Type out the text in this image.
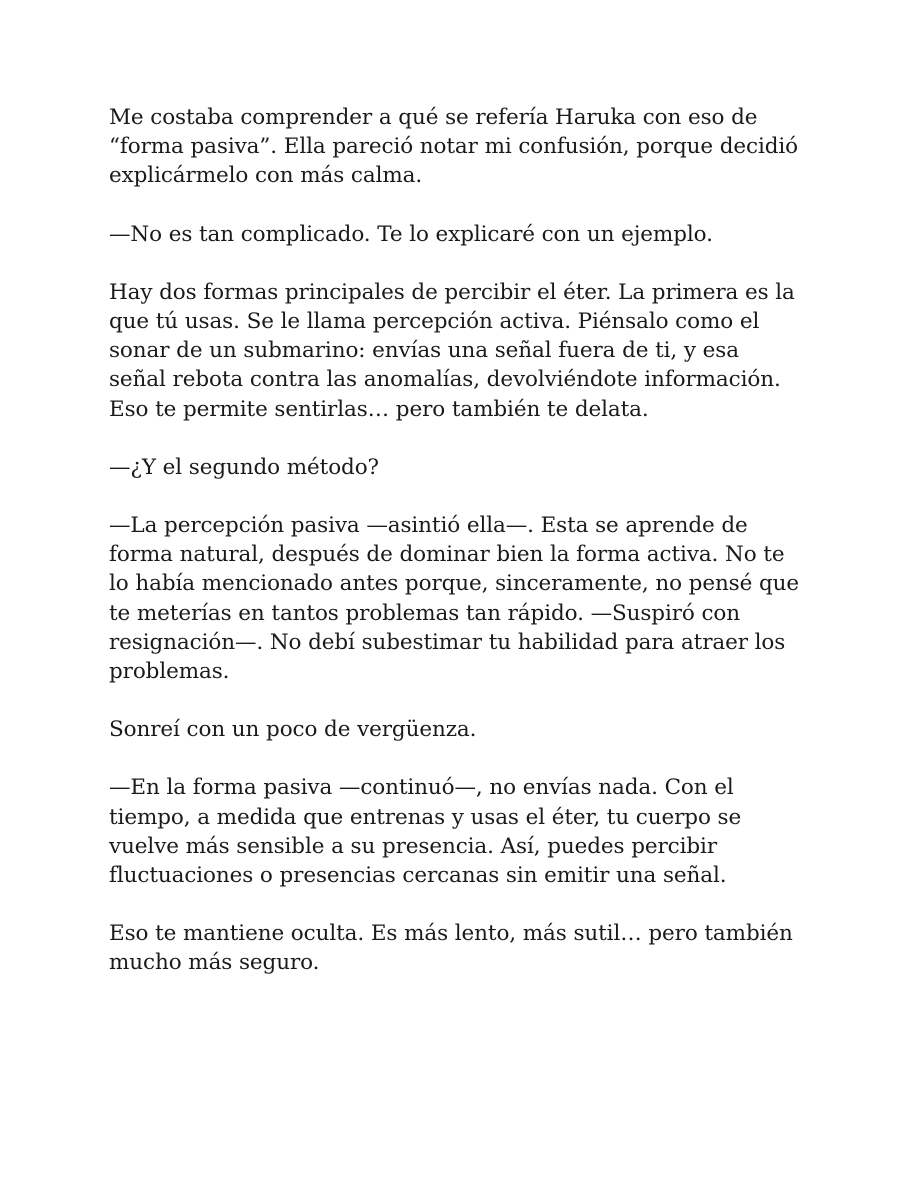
Me costaba comprender a qué se refería Haruka con eso de “forma pasiva”. Ella pareció notar mi confusión, porque decidió explicármelo con más calma.

—No es tan complicado. Te lo explicaré con un ejemplo.

Hay dos formas principales de percibir el éter. La primera es la que tú usas. Se le llama percepción activa. Piénsalo como el sonar de un submarino: envías una señal fuera de ti, y esa señal rebota contra las anomalías, devolviéndote información.

Eso te permite sentirlas… pero también te delata.

—¿Y el segundo método?

—La percepción pasiva —asintió ella—. Esta se aprende de forma natural, después de dominar bien la forma activa. No te lo había mencionado antes porque, sinceramente, no pensé que te meterías en tantos problemas tan rápido. —Suspiró con resignación—. No debí subestimar tu habilidad para atraer los problemas.

Sonreí con un poco de vergüenza.

—En la forma pasiva —continuó—, no envías nada. Con el tiempo, a medida que entrenas y usas el éter, tu cuerpo se vuelve más sensible a su presencia. Así, puedes percibir fluctuaciones o presencias cercanas sin emitir una señal.

Eso te mantiene oculta. Es más lento, más sutil… pero también mucho más seguro.
